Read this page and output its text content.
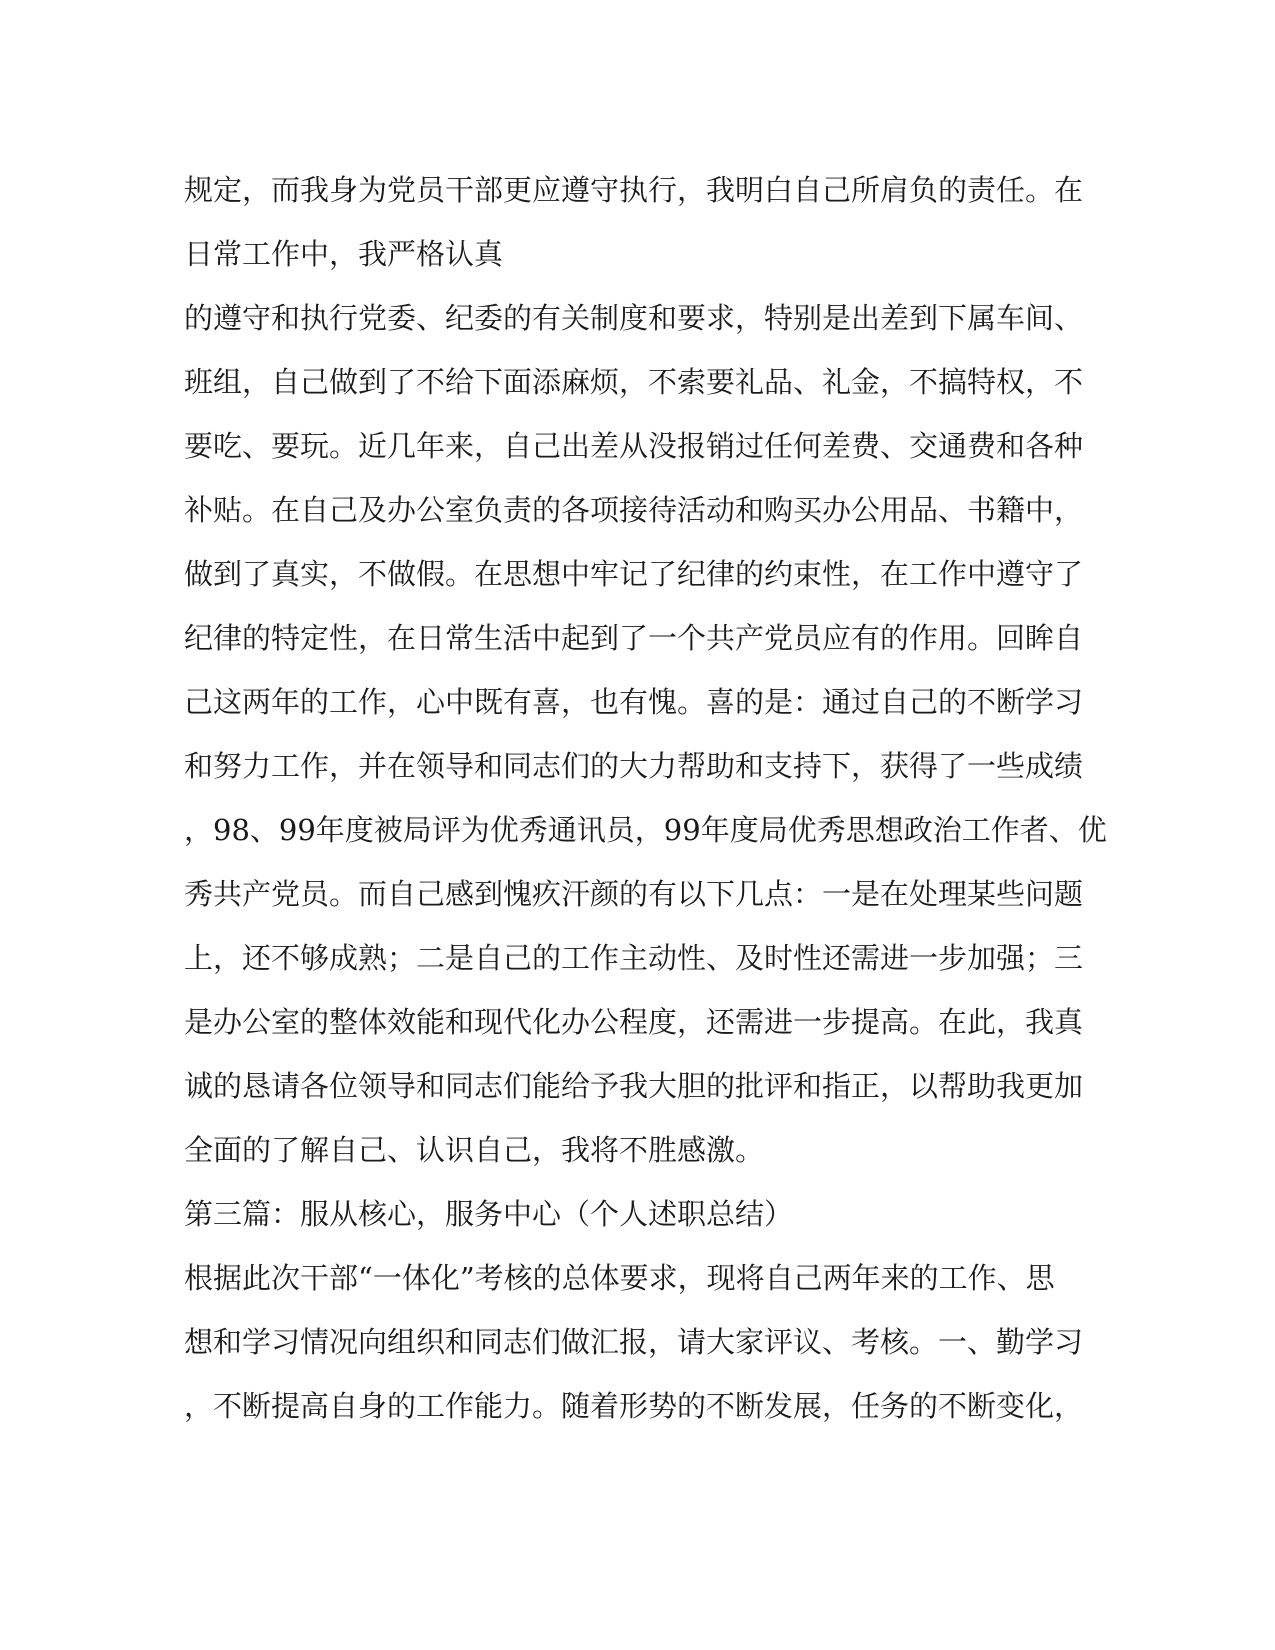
规定，而我身为党员干部更应遵守执行，我明白自己所肩负的责任。在
日常工作中，我严格认真
的遵守和执行党委、纪委的有关制度和要求，特别是出差到下属车间、
班组，自己做到了不给下面添麻烦，不索要礼品、礼金，不搞特权，不
要吃、要玩。近几年来，自己出差从没报销过任何差费、交通费和各种
补贴。在自己及办公室负责的各项接待活动和购买办公用品、书籍中，
做到了真实，不做假。在思想中牢记了纪律的约束性，在工作中遵守了
纪律的特定性，在日常生活中起到了一个共产党员应有的作用。回眸自
己这两年的工作，心中既有喜，也有愧。喜的是：通过自己的不断学习
和努力工作，并在领导和同志们的大力帮助和支持下，获得了一些成绩
，98、99年度被局评为优秀通讯员，99年度局优秀思想政治工作者、优
秀共产党员。而自己感到愧疚汗颜的有以下几点：一是在处理某些问题
上，还不够成熟；二是自己的工作主动性、及时性还需进一步加强；三
是办公室的整体效能和现代化办公程度，还需进一步提高。在此，我真
诚的恳请各位领导和同志们能给予我大胆的批评和指正，以帮助我更加
全面的了解自己、认识自己，我将不胜感激。
第三篇：服从核心，服务中心（个人述职总结）
根据此次干部“一体化”考核的总体要求，现将自己两年来的工作、思
想和学习情况向组织和同志们做汇报，请大家评议、考核。一、勤学习
，不断提高自身的工作能力。随着形势的不断发展，任务的不断变化，
